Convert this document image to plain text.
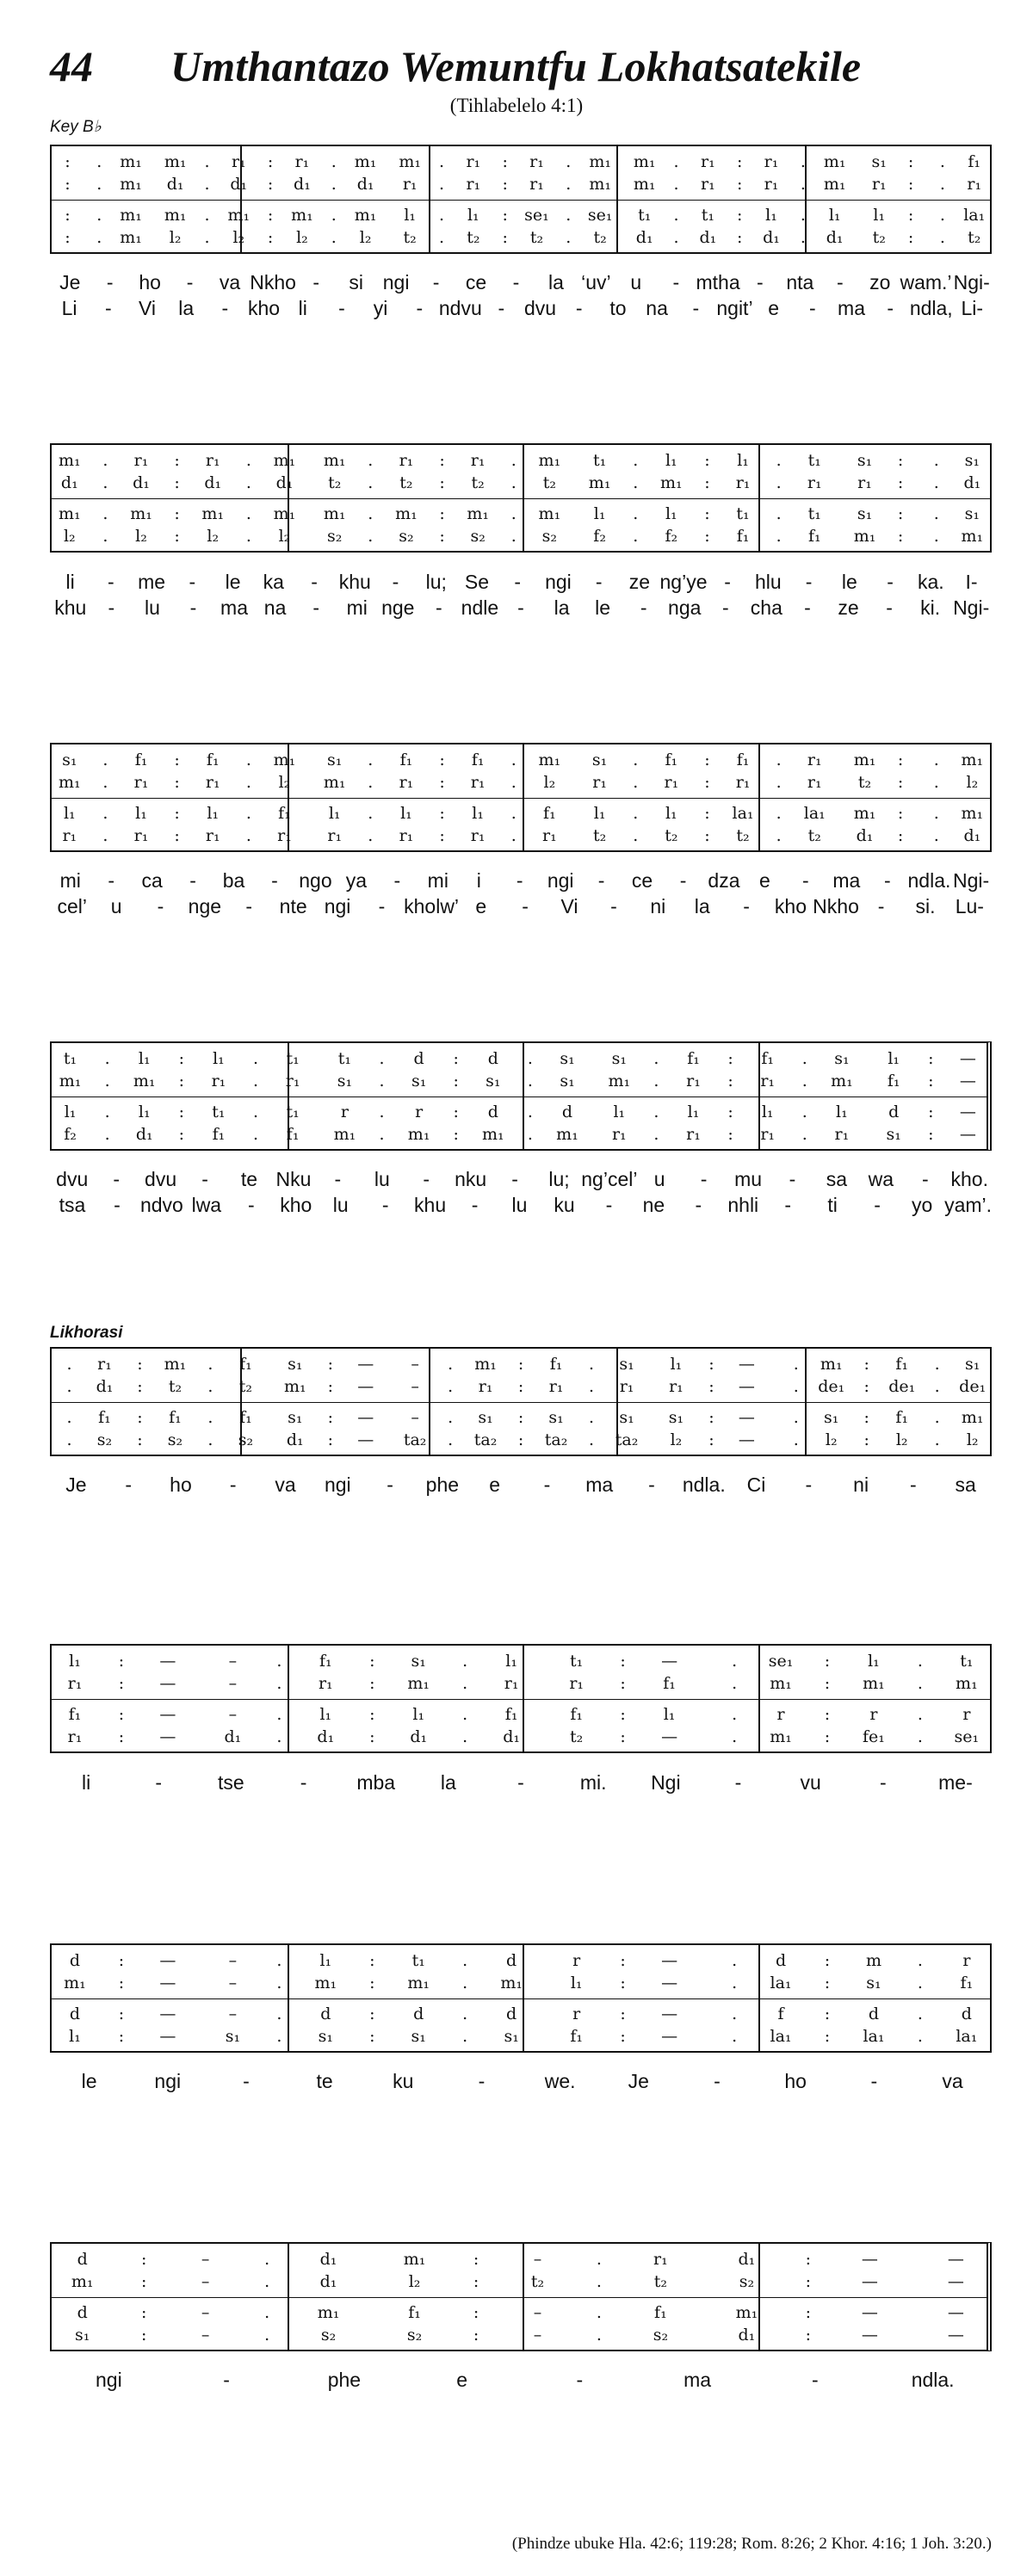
44 Umthantazo Wemuntfu Lokhatsatekile
(Tihlabelelo 4:1)
Key B♭
Likhorasi
:	.	m₁ m₁	.	r₁	:	r₁	.	m₁ m₁	.	r₁	:	r₁	.	m₁ m₁	.	r₁	:	r₁	.	m₁	s₁	:	.	f₁
:	.	m₁	d₁	.	d₁	:	d₁	.	d₁	r₁	.	r₁	:	r₁	.	m₁ m₁	.	r₁	:	r₁	.	m₁	r₁	:	.	r₁
:	.	m₁ m₁	.	m₁	:	m₁	.	m₁	l₁	.	l₁	:	se₁	.	se₁	t₁	.	t₁	:	l₁	.	l₁	l₁	:	.	la₁
:	.	m₁	l₂	.	l₂	:	l₂	.	l₂	t₂	.	t₂	:	t₂	.	t₂	d₁	.	d₁	:	d₁	.	d₁	t₂	:	.	t₂
Je	-	ho	-	va Nkho -	si ngi	-	ce	-	la ‘uv’ u	- mtha -	nta	-	zo wam.’ Ngi-
Li	-	Vi	la	- kho li	-	yi	- ndvu - dvu -	to na	- ngit’ e	-	ma	- ndla, Li-
m₁	.	r₁	:	r₁	.	m₁	m₁	.	r₁	:	r₁	.	m₁	t₁	.	l₁	:	l₁	.	t₁	s₁	:	.	s₁
d₁	.	d₁	:	d₁	.	d₁	t₂	.	t₂	:	t₂	.	t₂	m₁	.	m₁	:	r₁	.	r₁	r₁	:	.	d₁
m₁	.	m₁	:	m₁	.	m₁	m₁	.	m₁	:	m₁	.	m₁	l₁	.	l₁	:	t₁	.	t₁	s₁	:	.	s₁
l₂	.	l₂	:	l₂	.	l₂	s₂	.	s₂	:	s₂	.	s₂	f₂	.	f₂	:	f₁	.	f₁	m₁	:	.	m₁
li	-	me	-	le	ka	-	khu	-	lu; Se	-	ngi	-	ze ng’ye -	hlu	-	le	-	ka.	I-
khu	-	lu	-	ma na	-	mi nge	- ndle -	la	le	-	nga	-	cha	-	ze	-	ki. Ngi-
s₁	.	f₁	:	f₁	.	m₁	s₁	.	f₁	:	f₁	.	m₁	s₁	.	f₁	:	f₁	.	r₁	m₁	:	.	m₁
m₁	.	r₁	:	r₁	.	l₂	m₁	.	r₁	:	r₁	.	l₂	r₁	.	r₁	:	r₁	.	r₁	t₂	:	.	l₂
l₁	.	l₁	:	l₁	.	f₁	l₁	.	l₁	:	l₁	.	f₁	l₁	.	l₁	:	la₁	.	la₁	m₁	:	.	m₁
r₁	.	r₁	:	r₁	.	r₁	r₁	.	r₁	:	r₁	.	r₁	t₂	.	t₂	:	t₂	.	t₂	d₁	:	.	d₁
mi	-	ca	-	ba	-	ngo ya	-	mi	i	-	ngi	-	ce	-	dza e	-	ma	- ndla. Ngi-
cel’	u	-	nge	-	nte ngi	- kholw’ e	-	Vi	-	ni	la	-	kho Nkho -	si.	Lu-
t₁	.	l₁	:	l₁	.	t₁	t₁	.	d	:	d	.	s₁	s₁	.	f₁	:	f₁	.	s₁	l₁	:	—
m₁	.	m₁	:	r₁	.	r₁	s₁	.	s₁	:	s₁	.	s₁	m₁	.	r₁	:	r₁	.	m₁	f₁	:	—
l₁	.	l₁	:	t₁	.	t₁	r	.	r	:	d	.	d	l₁	.	l₁	:	l₁	.	l₁	d	:	—
f₂	.	d₁	:	f₁	.	f₁	m₁	.	m₁	:	m₁	.	m₁	r₁	.	r₁	:	r₁	.	r₁	s₁	:	—
dvu	-	dvu	-	te Nku	-	lu	-	nku	-	lu; ng’cel’ u	-	mu	-	sa	wa	-	kho.
tsa	-	ndvo lwa	-	kho	lu	-	khu	-	lu	ku	-	ne	-	nhli	-	ti	-	yo yam’.
.	r₁	:	m₁	.	f₁	s₁	:	—	–	.	m₁	:	f₁	.	s₁	l₁	:	—	.	m₁	:	f₁	.	s₁
.	d₁	:	t₂	.	t₂	m₁	:	—	–	.	r₁	:	r₁	.	r₁	r₁	:	—	.	de₁	:	de₁	.	de₁
.	f₁	:	f₁	.	f₁	s₁	:	—	–	.	s₁	:	s₁	.	s₁	s₁	:	—	.	s₁	:	f₁	.	m₁
.	s₂	:	s₂	.	s₂	d₁	:	—	ta₂	.	ta₂	:	ta₂	.	ta₂	l₂	:	—	.	l₂	:	l₂	.	l₂
Je	-	ho	-	va	ngi	-	phe	e	-	ma	-	ndla.	Ci	-	ni	-	sa
l₁	:	—	–	.	f₁	:	s₁	.	l₁	t₁	:	—	.	se₁	:	l₁	.	t₁
r₁	:	—	–	.	r₁	:	m₁	.	r₁	r₁	:	f₁	.	m₁	:	m₁	.	m₁
f₁	:	—	–	.	l₁	:	l₁	.	f₁	f₁	:	l₁	.	r	:	r	.	r
r₁	:	—	d₁	.	d₁	:	d₁	.	d₁	t₂	:	—	.	m₁	:	fe₁	.	se₁
li	-	tse	-	mba	la	-	mi.	Ngi	-	vu	-	me-
d	:	—	–	.	l₁	:	t₁	.	d	r	:	—	.	d	:	m	.	r
m₁	:	—	–	.	m₁	:	m₁	.	m₁	l₁	:	—	.	la₁	:	s₁	.	f₁
d	:	—	–	.	d	:	d	.	d	r	:	—	.	f	:	d	.	d
l₁	:	—	s₁	.	s₁	:	s₁	.	s₁	f₁	:	—	.	la₁	:	la₁	.	la₁
le	ngi	-	te	ku	-	we.	Je	-	ho	-	va
d	:	–	.	d₁	m₁	:	–	.	r₁	d₁	:	—	—
m₁	:	–	.	d₁	l₂	:	t₂	.	t₂	s₂	:	—	—
d	:	–	.	m₁	f₁	:	–	.	f₁	m₁	:	—	—
s₁	:	–	.	s₂	s₂	:	–	.	s₂	d₁	:	—	—
ngi	-	phe	e	-	ma	-	ndla.
(Phindze ubuke Hla. 42:6; 119:28; Rom. 8:26; 2 Khor. 4:16; 1 Joh. 3:20.)
